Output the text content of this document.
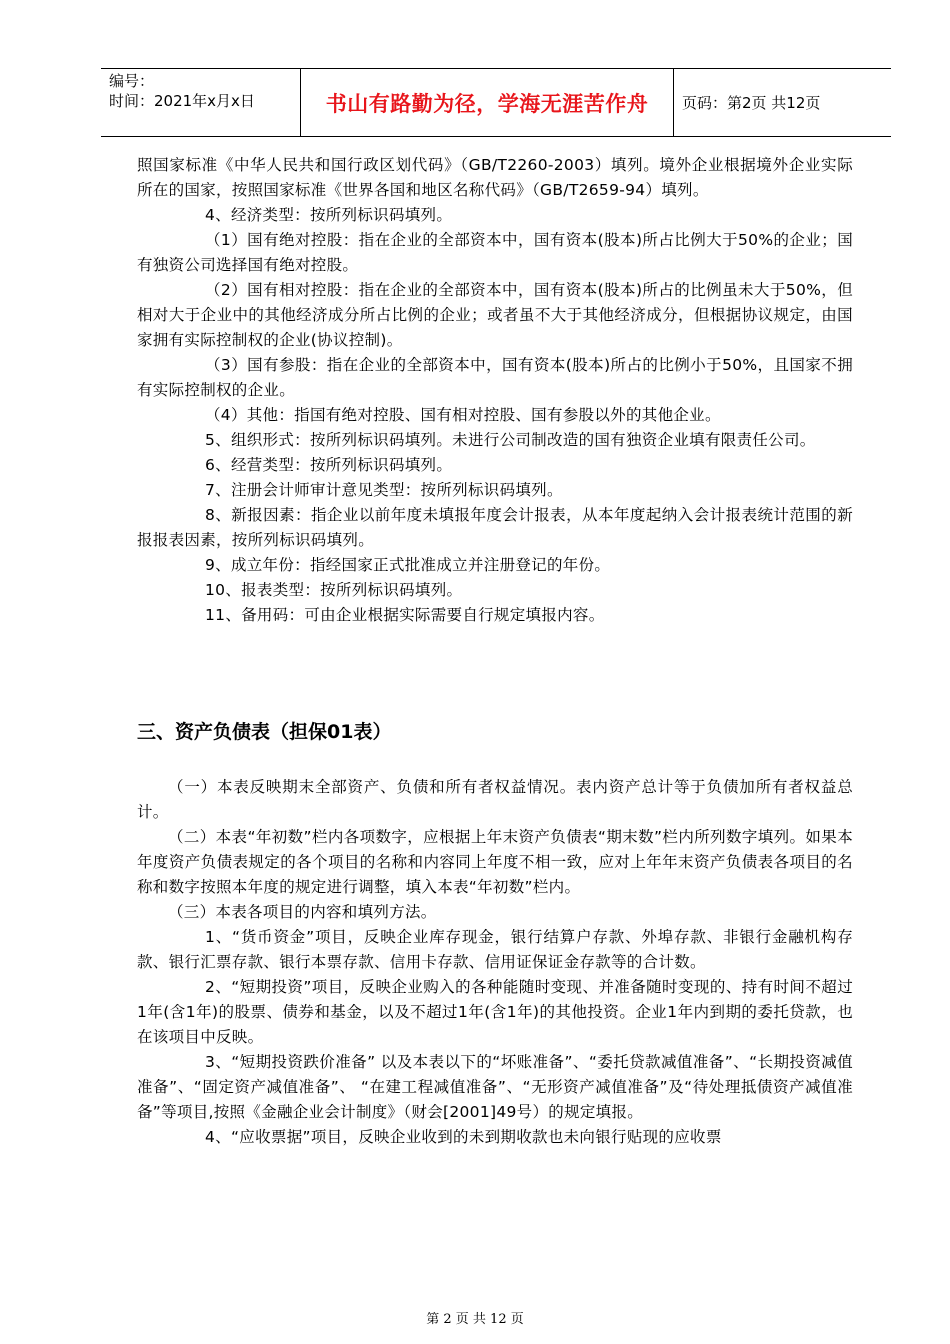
编号：
时间：2021年x月x日	书山有路勤为径，学海无涯苦作舟	页码：第2页 共12页

照国家标准《中华人民共和国行政区划代码》（GB/T2260-2003）填列。境外企业根据境外企业实际所在的国家，按照国家标准《世界各国和地区名称代码》（GB/T2659-94）填列。

4、经济类型：按所列标识码填列。

（1）国有绝对控股：指在企业的全部资本中，国有资本(股本)所占比例大于50%的企业；国有独资公司选择国有绝对控股。

（2）国有相对控股：指在企业的全部资本中，国有资本(股本)所占的比例虽未大于50%，但相对大于企业中的其他经济成分所占比例的企业；或者虽不大于其他经济成分，但根据协议规定，由国家拥有实际控制权的企业(协议控制)。

（3）国有参股：指在企业的全部资本中，国有资本(股本)所占的比例小于50%，且国家不拥有实际控制权的企业。

（4）其他：指国有绝对控股、国有相对控股、国有参股以外的其他企业。

5、组织形式：按所列标识码填列。未进行公司制改造的国有独资企业填有限责任公司。

6、经营类型：按所列标识码填列。

7、注册会计师审计意见类型：按所列标识码填列。

8、新报因素：指企业以前年度未填报年度会计报表，从本年度起纳入会计报表统计范围的新报报表因素，按所列标识码填列。

9、成立年份：指经国家正式批准成立并注册登记的年份。

10、报表类型：按所列标识码填列。

11、备用码：可由企业根据实际需要自行规定填报内容。

三、资产负债表（担保01表）

（一）本表反映期末全部资产、负债和所有者权益情况。表内资产总计等于负债加所有者权益总计。

（二）本表“年初数”栏内各项数字，应根据上年末资产负债表“期末数”栏内所列数字填列。如果本年度资产负债表规定的各个项目的名称和内容同上年度不相一致，应对上年年末资产负债表各项目的名称和数字按照本年度的规定进行调整，填入本表“年初数”栏内。

（三）本表各项目的内容和填列方法。

1、“货币资金”项目，反映企业库存现金，银行结算户存款、外埠存款、非银行金融机构存款、银行汇票存款、银行本票存款、信用卡存款、信用证保证金存款等的合计数。

2、“短期投资”项目，反映企业购入的各种能随时变现、并准备随时变现的、持有时间不超过1年(含1年)的股票、债券和基金，以及不超过1年(含1年)的其他投资。企业1年内到期的委托贷款，也在该项目中反映。

3、“短期投资跌价准备” 以及本表以下的“坏账准备”、“委托贷款减值准备”、“长期投资减值准备”、“固定资产减值准备”、 “在建工程减值准备”、“无形资产减值准备”及“待处理抵债资产减值准备”等项目,按照《金融企业会计制度》（财会[2001]49号）的规定填报。

4、“应收票据”项目，反映企业收到的未到期收款也未向银行贴现的应收票

第 2 页 共 12 页
